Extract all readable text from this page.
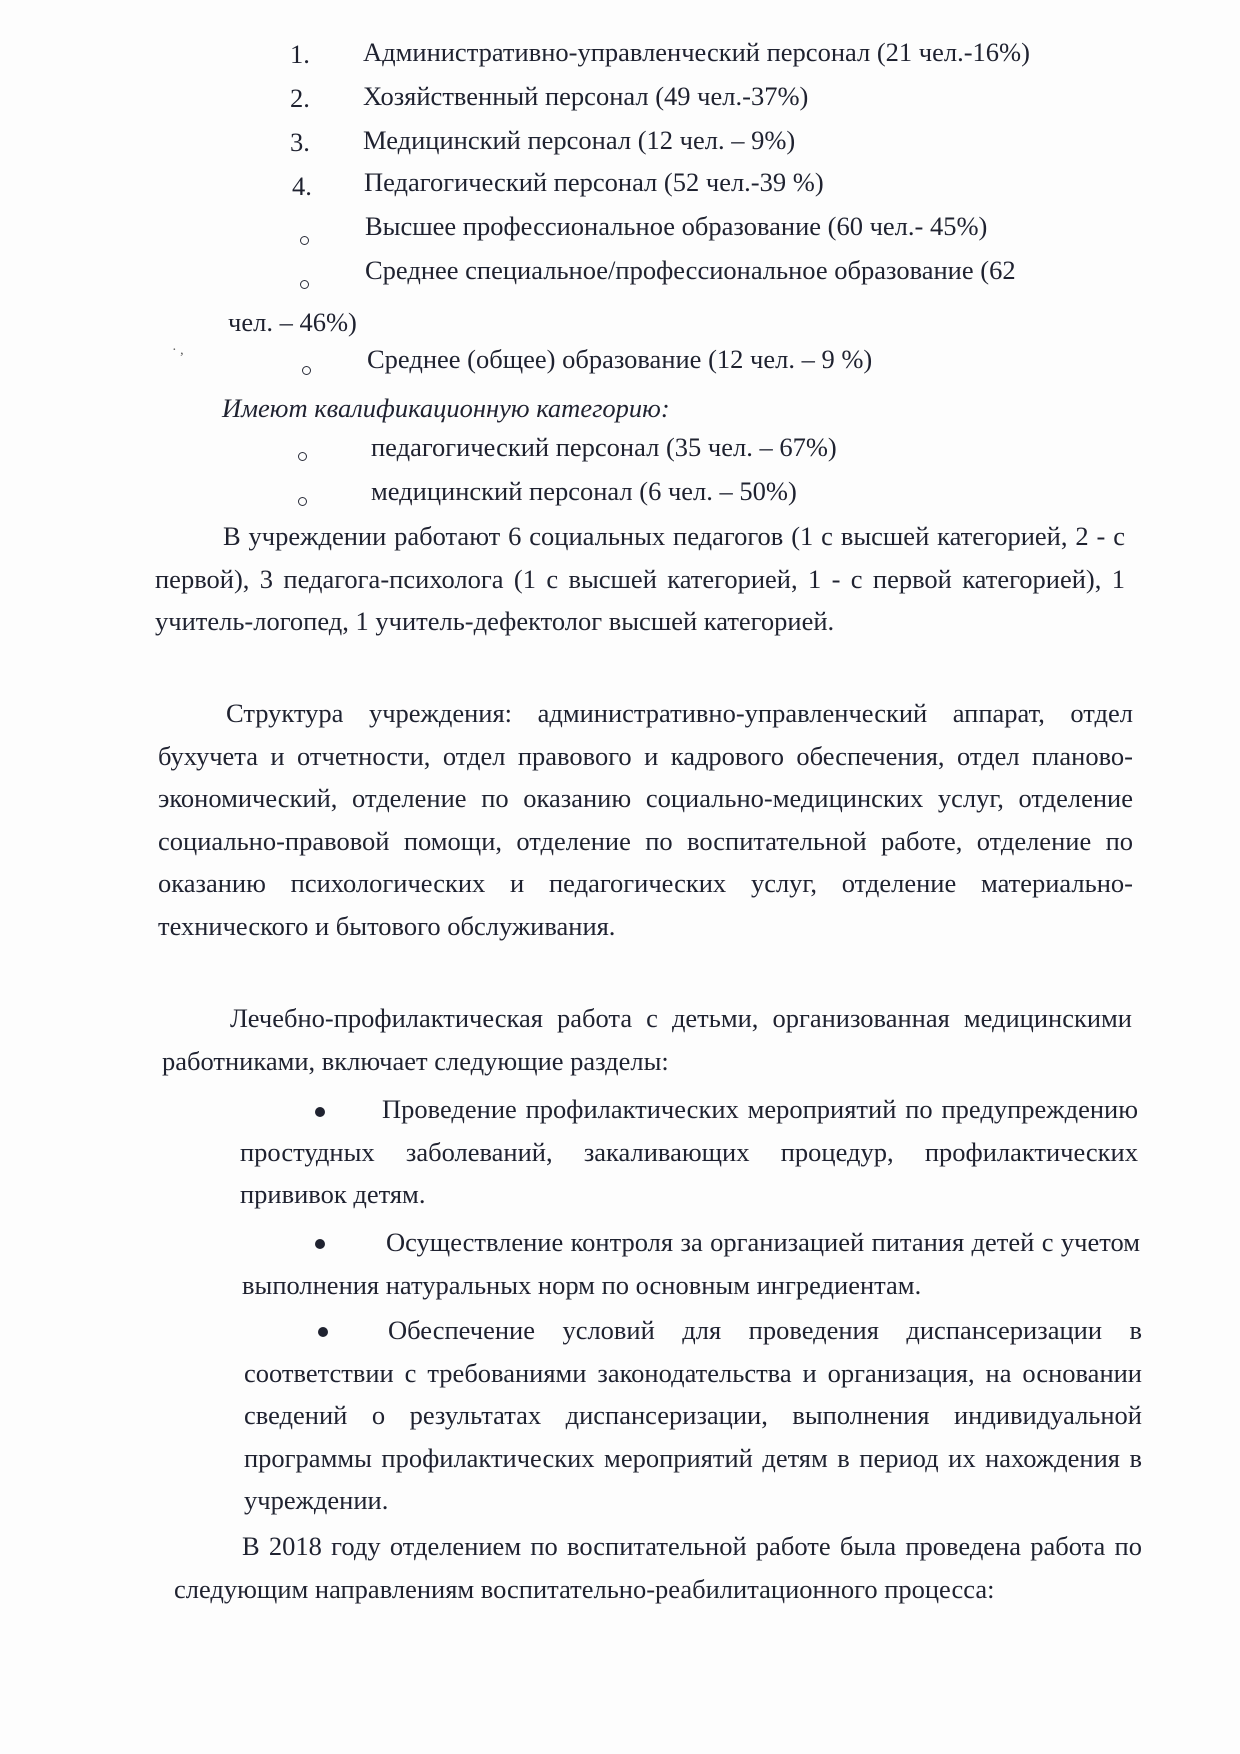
1.	Административно-управленческий персонал (21 чел.-16%)
2.	Хозяйственный персонал (49 чел.-37%)
3.	Медицинский персонал (12 чел. – 9%)
4.	Педагогический персонал (52 чел.-39 %)
Высшее профессиональное образование (60 чел.- 45%)
Среднее специальное/профессиональное образование (62
чел. – 46%)
· ,	Среднее (общее) образование (12 чел. – 9 %)
Имеют квалификационную категорию:
педагогический персонал (35 чел. – 67%)
медицинский персонал (6 чел. – 50%)
В учреждении работают 6 социальных педагогов (1 с высшей категорией, 2 - с первой), 3 педагога-психолога (1 с высшей категорией, 1 - с первой категорией), 1 учитель-логопед, 1 учитель-дефектолог высшей категорией.
Структура учреждения: административно-управленческий аппарат, отдел бухучета и отчетности, отдел правового и кадрового обеспечения, отдел планово-экономический, отделение по оказанию социально-медицинских услуг, отделение социально-правовой помощи, отделение по воспитательной работе, отделение по оказанию психологических и педагогических услуг, отделение материально-технического и бытового обслуживания.
Лечебно-профилактическая работа с детьми, организованная медицинскими работниками, включает следующие разделы:
Проведение профилактических мероприятий по предупреждению простудных заболеваний, закаливающих процедур, профилактических прививок детям.
Осуществление контроля за организацией питания детей с учетом выполнения натуральных норм по основным ингредиентам.
Обеспечение условий для проведения диспансеризации в соответствии с требованиями законодательства и организация, на основании сведений о результатах диспансеризации, выполнения индивидуальной программы профилактических мероприятий детям в период их нахождения в учреждении.
В 2018 году отделением по воспитательной работе была проведена работа по следующим направлениям воспитательно-реабилитационного процесса:
